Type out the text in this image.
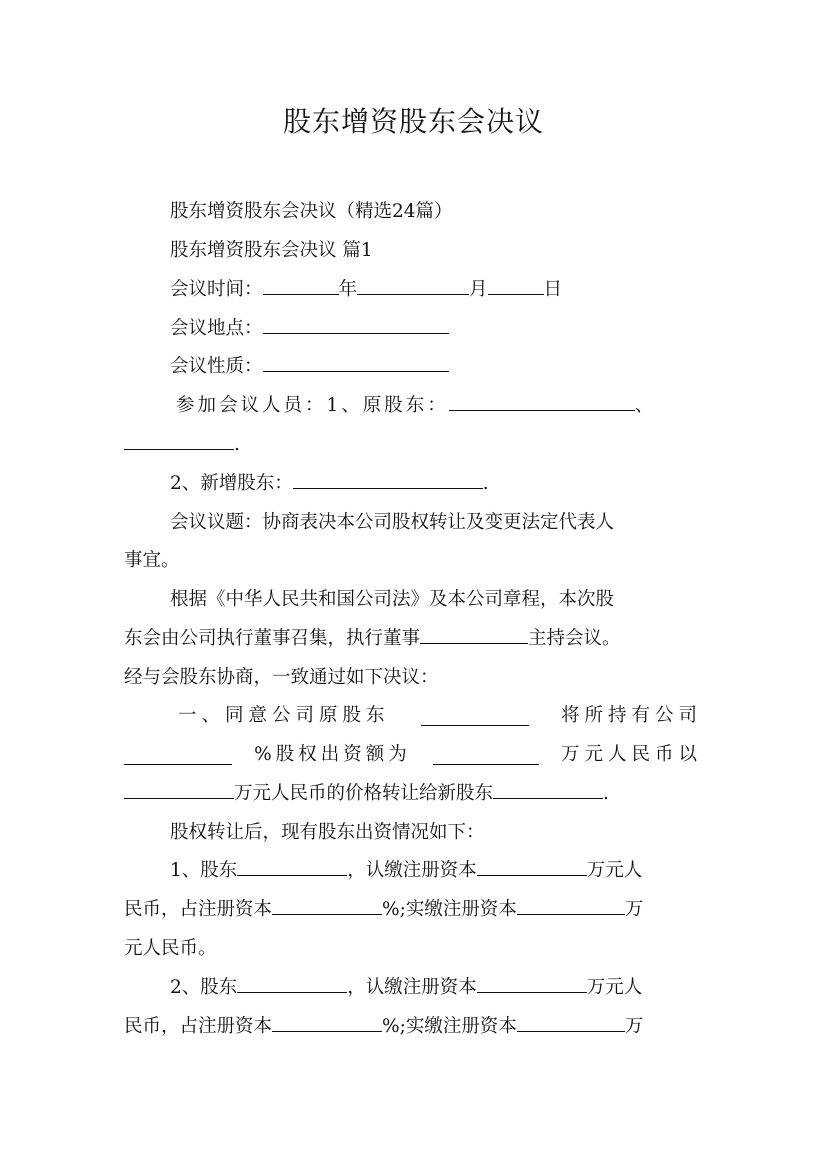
股东增资股东会决议
股东增资股东会决议（精选24篇）
股东增资股东会决议 篇1
会议时间：	年	月	日
会议地点：
会议性质：
参加会议人员：1、原股东：	、
.
2、新增股东：	.
会议议题：协商表决本公司股权转让及变更法定代表人
事宜。
根据《中华人民共和国公司法》及本公司章程，本次股
东会由公司执行董事召集，执行董事	主持会议。
经与会股东协商，一致通过如下决议：
一、同意公司原股东	将所持有公司
%股权出资额为	万元人民币以
万元人民币的价格转让给新股东	.
股权转让后，现有股东出资情况如下：
1、股东	，认缴注册资本	万元人
民币，占注册资本	%;实缴注册资本	万
元人民币。
2、股东	，认缴注册资本	万元人
民币，占注册资本	%;实缴注册资本	万
